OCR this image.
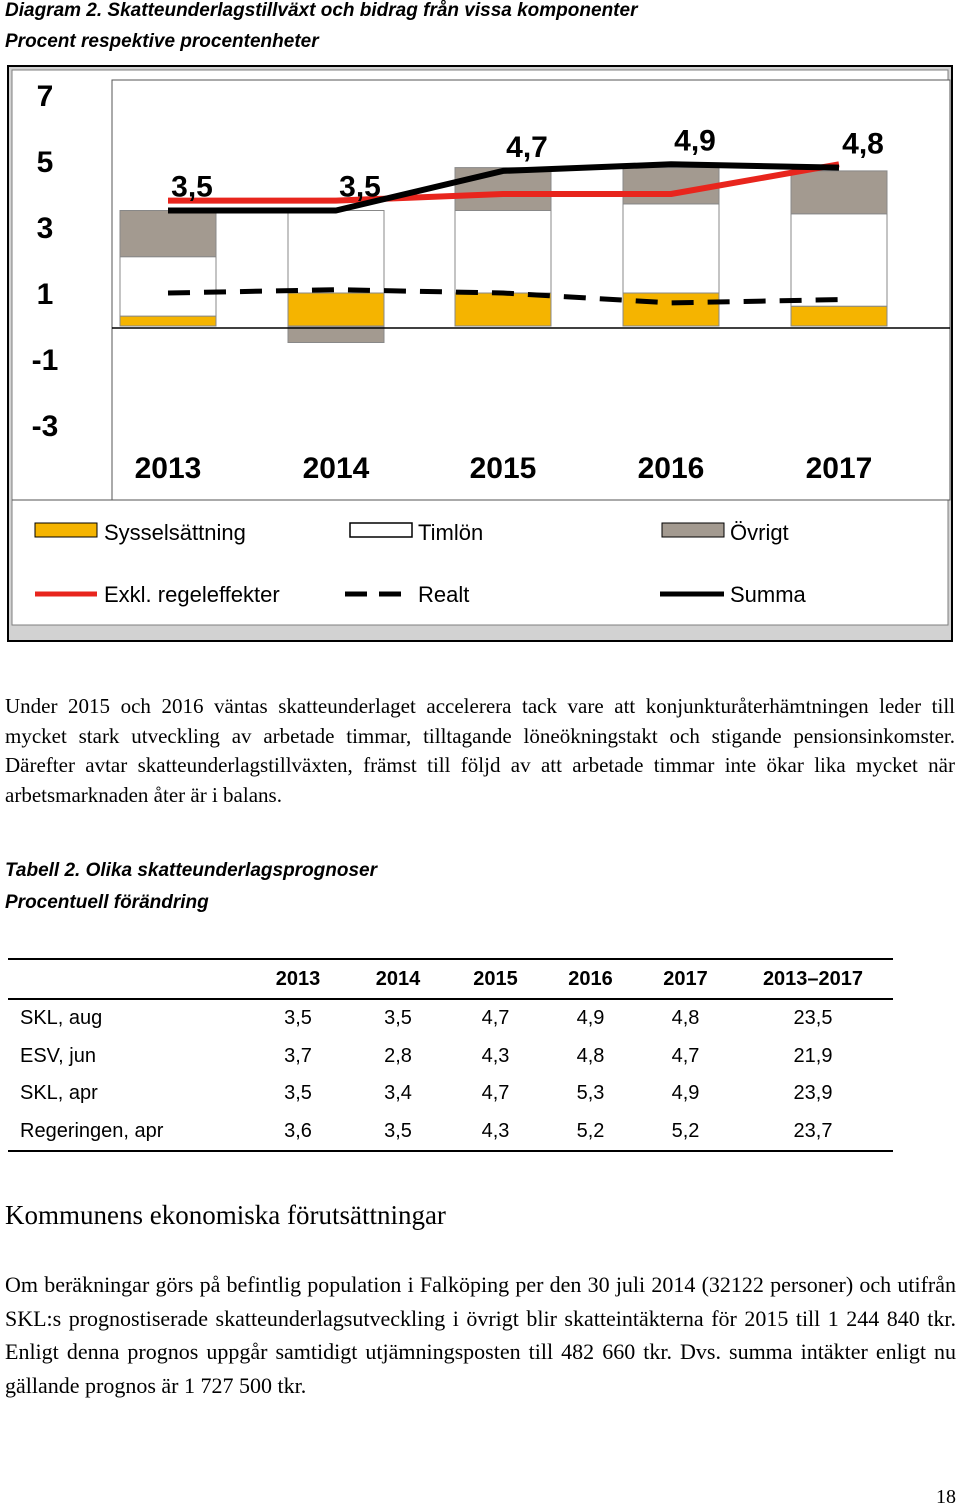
Diagram 2. Skatteunderlagstillväxt och bidrag från vissa komponenter
Procent respektive procentenheter
7
5
3
1
-1
-3
2013	2014	2015	2016	2017
3,5	3,5
4,7	4,9	4,8
Sysselsättning	Timlön	Övrigt
Exkl. regeleffekter	Realt	Summa
Under 2015 och 2016 väntas skatteunderlaget accelerera tack vare att konjunkturåterhämtningen leder till mycket stark utveckling av arbetade timmar, tilltagande löneökningstakt och stigande pensionsinkomster. Därefter avtar skatteunderlagstillväxten, främst till följd av att arbetade timmar inte ökar lika mycket när arbetsmarknaden åter är i balans.
Tabell 2. Olika skatteunderlagsprognoser
Procentuell förändring
	2013	2014	2015	2016	2017	2013–2017
SKL, aug	3,5	3,5	4,7	4,9	4,8	23,5
ESV, jun	3,7	2,8	4,3	4,8	4,7	21,9
SKL, apr	3,5	3,4	4,7	5,3	4,9	23,9
Regeringen, apr	3,6	3,5	4,3	5,2	5,2	23,7
Kommunens ekonomiska förutsättningar
Om beräkningar görs på befintlig population i Falköping per den 30 juli 2014 (32122 personer) och utifrån SKL:s prognostiserade skatteunderlagsutveckling i övrigt blir skatteintäkterna för 2015 till 1 244 840 tkr. Enligt denna prognos uppgår samtidigt utjämningsposten till 482 660 tkr. Dvs. summa intäkter enligt nu gällande prognos är 1 727 500 tkr.
18
